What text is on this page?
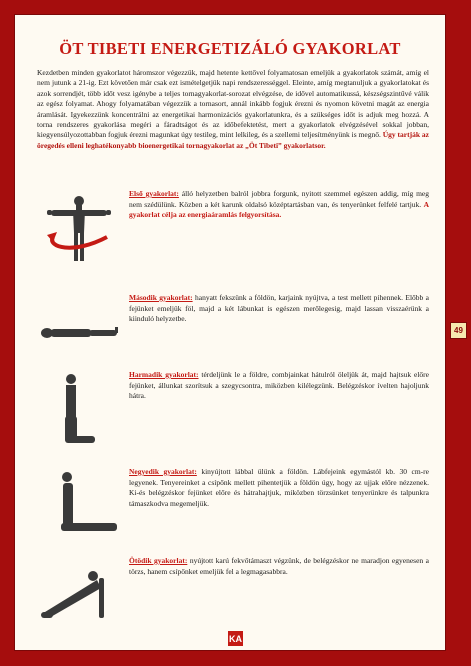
ÖT TIBETI ENERGETIZÁLÓ GYAKORLAT

Kezdetben minden gyakorlatot háromszor végezzük, majd hetente kettővel folyamatosan emeljük a gyakorlatok számát, amíg el nem jutunk a 21-ig. Ezt követően már csak ezt ismételgetjük napi rendszerességgel. Eleinte, amíg megtanuljuk a gyakorlatokat és azok sorrendjét, több időt vesz igénybe a teljes tornagyakorlat-sorozat elvégzése, de idővel automatikussá, készségszintűvé válik az egész folyamat. Ahogy folyamatában végezzük a tornasort, annál inkább fogjuk érezni és nyomon követni magát az energia áramlását. Igyekezzünk koncentrálni az energetikai harmonizációs gyakorlatunkra, és a szükséges időt is adjuk meg hozzá. A torna rendszeres gyakorlása megéri a fáradtságot és az időbefektetést, mert a gyakorlatok elvégzésével sokkal jobban, kiegyensúlyozottabban fogjuk érezni magunkat úgy testileg, mint lelkileg, és a szellemi teljesítményünk is megnő. Úgy tartják az öregedés elleni leghatékonyabb bioenergetikai tornagyakorlat az „Öt Tibeti” gyakorlatsor.

Első gyakorlat: álló helyzetben balról jobbra forgunk, nyitott szemmel egészen addig, míg meg nem szédülünk. Közben a két karunk oldalsó középtartásban van, és tenyerünket felfelé tartjuk. A gyakorlat célja az energiaáramlás felgyorsítása.

Második gyakorlat: hanyatt fekszünk a földön, karjaink nyújtva, a test mellett pihennek. Előbb a fejünket emeljük föl, majd a két lábunkat is egészen merőlegesig, majd lassan visszaérünk a kiinduló helyzetbe.

Harmadik gyakorlat: térdeljünk le a földre, combjainkat hátulról öleljük át, majd hajtsuk előre fejünket, állunkat szorítsuk a szegycsontra, miközben kilélegzünk. Belégzéskor ívelten hajoljunk hátra.

Negyedik gyakorlat: kinyújtott lábbal ülünk a földön. Lábfejeink egymástól kb. 30 cm-re legyenek. Tenyereinket a csípőnk mellett pihentetjük a földön úgy, hogy az ujjak előre nézzenek. Ki-és belégzéskor fejünket előre és hátrahajtjuk, miközben törzsünket tenyerünkre és talpunkra támaszkodva megemeljük.

Ötödik gyakorlat: nyújtott karú fekvőtámaszt végzünk, de belégzéskor ne maradjon egyenesen a törzs, hanem csípőnket emeljük fel a legmagasabbra.

49
KA
